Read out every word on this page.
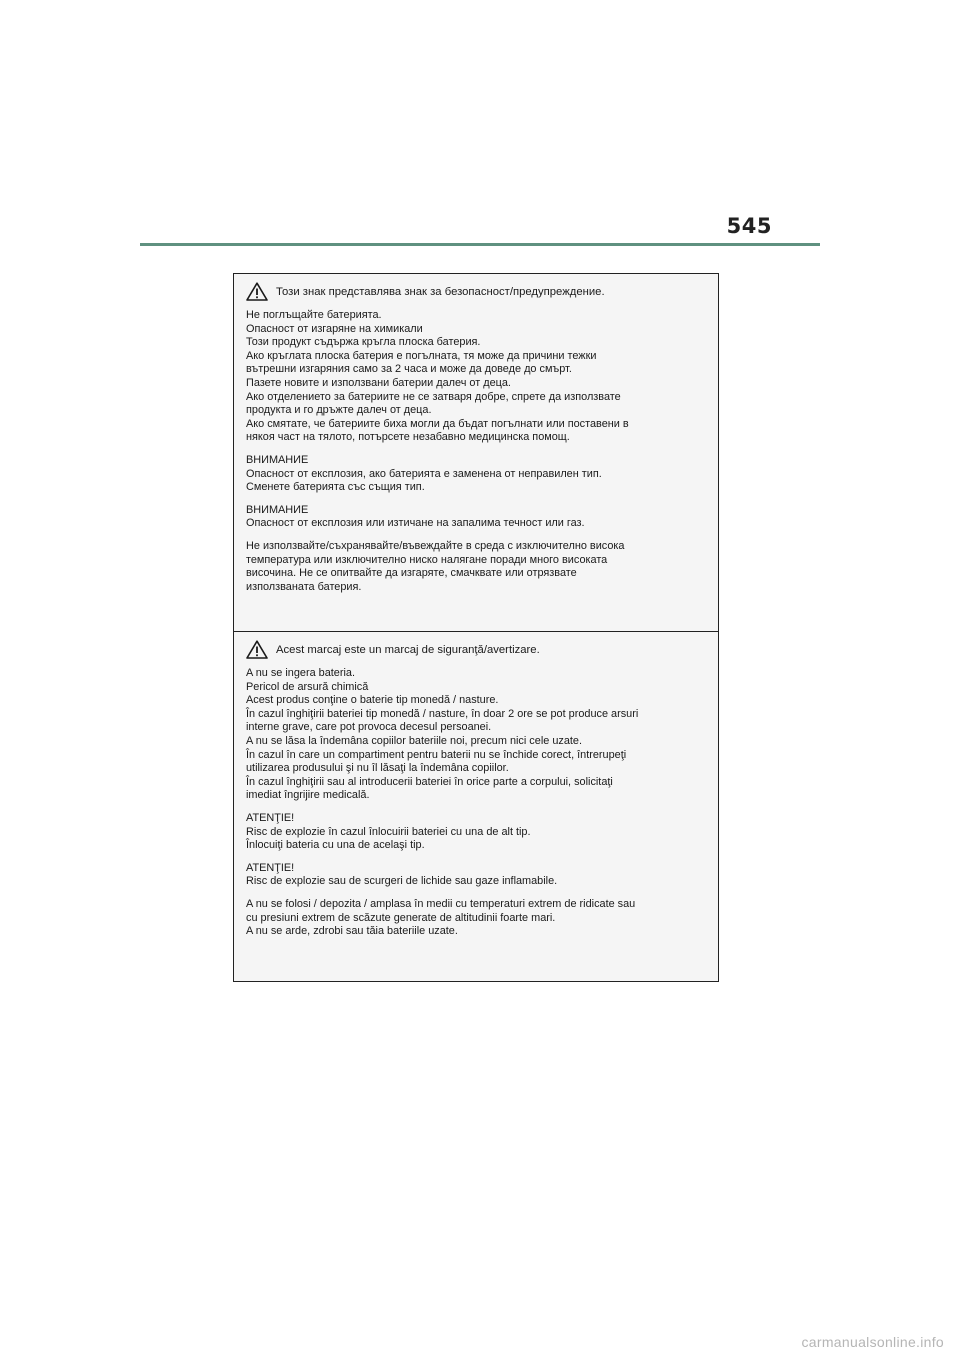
545
Този знак представлява знак за безопасност/предупреждение.

Не поглъщайте батерията.

Опасност от изгаряне на химикали

Този продукт съдържа кръгла плоска батерия.

Ако кръглата плоска батерия е погълната, тя може да причини тежки

вътрешни изгаряния само за 2 часа и може да доведе до смърт.

Пазете новите и използвани батерии далеч от деца.

Ако отделението за батериите не се затваря добре, спрете да използвате

продукта и го дръжте далеч от деца.

Ако смятате, че батериите биха могли да бъдат погълнати или поставени в

някоя част на тялото, потърсете незабавно медицинска помощ.

ВНИМАНИЕ

Опасност от експлозия, ако батерията е заменена от неправилен тип.

Сменете батерията със същия тип.

ВНИМАНИЕ

Опасност от експлозия или изтичане на запалима течност или газ.

Не използвайте/съхранявайте/въвеждайте в среда с изключително висока

температура или изключително ниско налягане поради много високата

височина. Не се опитвайте да изгаряте, смачквате или отрязвате

използваната батерия.

Acest marcaj este un marcaj de siguranţă/avertizare.

A nu se ingera bateria.

Pericol de arsură chimică

Acest produs conţine o baterie tip monedă / nasture.

În cazul înghiţirii bateriei tip monedă / nasture, în doar 2 ore se pot produce arsuri

interne grave, care pot provoca decesul persoanei.

A nu se lăsa la îndemâna copiilor bateriile noi, precum nici cele uzate.

În cazul în care un compartiment pentru baterii nu se închide corect, întrerupeţi

utilizarea produsului şi nu îl lăsaţi la îndemâna copiilor.

În cazul înghiţirii sau al introducerii bateriei în orice parte a corpului, solicitaţi

imediat îngrijire medicală.

ATENŢIE!

Risc de explozie în cazul înlocuirii bateriei cu una de alt tip.

Înlocuiţi bateria cu una de acelaşi tip.

ATENŢIE!

Risc de explozie sau de scurgeri de lichide sau gaze inflamabile.

A nu se folosi / depozita / amplasa în medii cu temperaturi extrem de ridicate sau

cu presiuni extrem de scăzute generate de altitudinii foarte mari.

A nu se arde, zdrobi sau tăia bateriile uzate.

carmanualsonline.info
